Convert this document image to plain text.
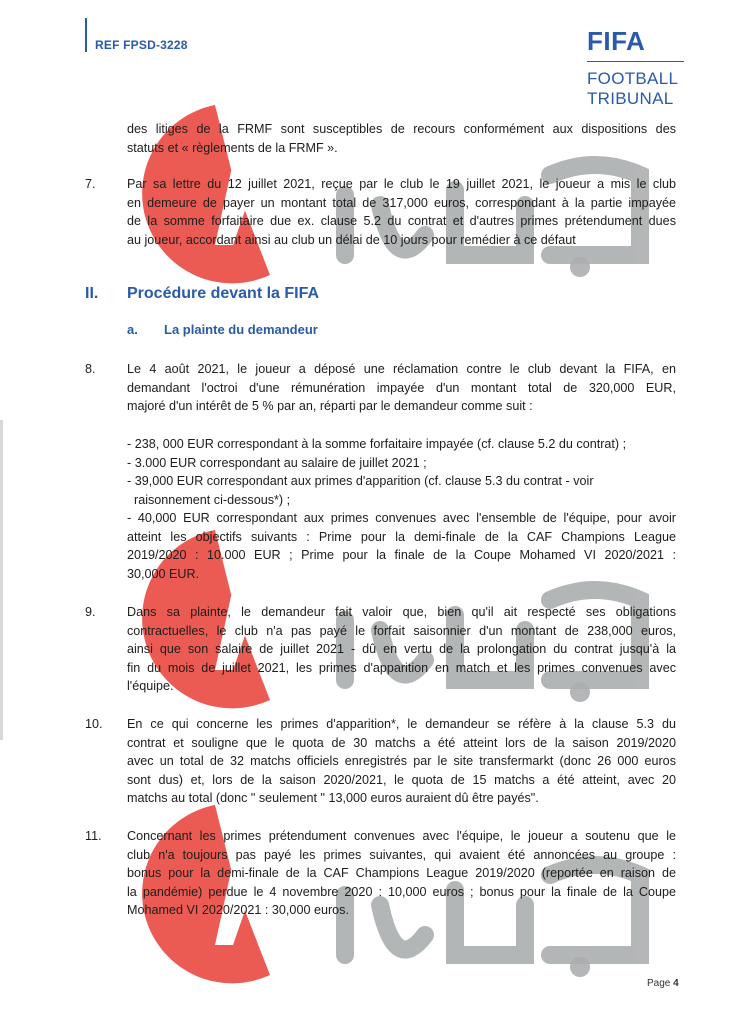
REF FPSD-3228	FIFA
FOOTBALL
TRIBUNAL
des litiges de la FRMF sont susceptibles de recours conformément aux dispositions des
statuts et « règlements de la FRMF ».
7. Par sa lettre du 12 juillet 2021, reçue par le club le 19 juillet 2021, le joueur a mis le club
en demeure de payer un montant total de 317,000 euros, correspondant à la partie impayée
de la somme forfaitaire due ex. clause 5.2 du contrat et d'autres primes prétendument dues
au joueur, accordant ainsi au club un délai de 10 jours pour remédier à ce défaut
II. Procédure devant la FIFA
a. La plainte du demandeur
8. Le 4 août 2021, le joueur a déposé une réclamation contre le club devant la FIFA, en
demandant l'octroi d'une rémunération impayée d'un montant total de 320,000 EUR,
majoré d'un intérêt de 5 % par an, réparti par le demandeur comme suit :
- 238, 000 EUR correspondant à la somme forfaitaire impayée (cf. clause 5.2 du contrat) ;
- 3.000 EUR correspondant au salaire de juillet 2021 ;
- 39,000 EUR correspondant aux primes d'apparition (cf. clause 5.3 du contrat - voir
raisonnement ci-dessous*) ;
- 40,000 EUR correspondant aux primes convenues avec l'ensemble de l'équipe, pour avoir
atteint les objectifs suivants : Prime pour la demi-finale de la CAF Champions League
2019/2020 : 10.000 EUR ; Prime pour la finale de la Coupe Mohamed VI 2020/2021 :
30,000 EUR.
9. Dans sa plainte, le demandeur fait valoir que, bien qu'il ait respecté ses obligations
contractuelles, le club n'a pas payé le forfait saisonnier d'un montant de 238,000 euros,
ainsi que son salaire de juillet 2021 - dû en vertu de la prolongation du contrat jusqu'à la
fin du mois de juillet 2021, les primes d'apparition en match et les primes convenues avec
l'équipe.
10. En ce qui concerne les primes d'apparition*, le demandeur se réfère à la clause 5.3 du
contrat et souligne que le quota de 30 matchs a été atteint lors de la saison 2019/2020
avec un total de 32 matchs officiels enregistrés par le site transfermarkt (donc 26 000 euros
sont dus) et, lors de la saison 2020/2021, le quota de 15 matchs a été atteint, avec 20
matchs au total (donc " seulement " 13,000 euros auraient dû être payés".
11. Concernant les primes prétendument convenues avec l'équipe, le joueur a soutenu que le
club n'a toujours pas payé les primes suivantes, qui avaient été annoncées au groupe :
bonus pour la demi-finale de la CAF Champions League 2019/2020 (reportée en raison de
la pandémie) perdue le 4 novembre 2020 : 10,000 euros ; bonus pour la finale de la Coupe
Mohamed VI 2020/2021 : 30,000 euros.
Page 4
